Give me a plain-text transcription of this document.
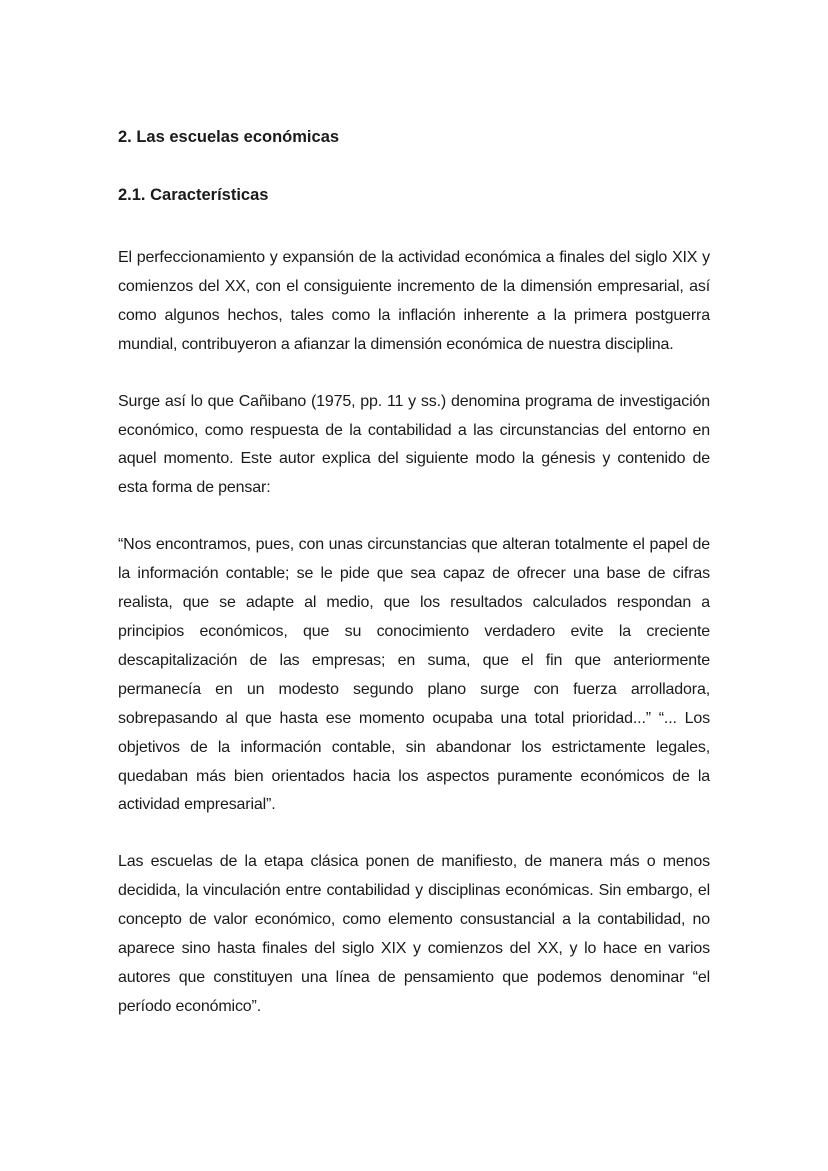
2. Las escuelas económicas
2.1. Características

El perfeccionamiento y expansión de la actividad económica a finales del siglo XIX y comienzos del XX, con el consiguiente incremento de la dimensión empresarial, así como algunos hechos, tales como la inflación inherente a la primera postguerra mundial, contribuyeron a afianzar la dimensión económica de nuestra disciplina.

Surge así lo que Cañibano (1975, pp. 11 y ss.) denomina programa de investigación económico, como respuesta de la contabilidad a las circunstancias del entorno en aquel momento. Este autor explica del siguiente modo la génesis y contenido de esta forma de pensar:

“Nos encontramos, pues, con unas circunstancias que alteran totalmente el papel de la información contable; se le pide que sea capaz de ofrecer una base de cifras realista, que se adapte al medio, que los resultados calculados respondan a principios económicos, que su conocimiento verdadero evite la creciente descapitalización de las empresas; en suma, que el fin que anteriormente permanecía en un modesto segundo plano surge con fuerza arrolladora, sobrepasando al que hasta ese momento ocupaba una total prioridad...” “... Los objetivos de la información contable, sin abandonar los estrictamente legales, quedaban más bien orientados hacia los aspectos puramente económicos de la actividad empresarial”.

Las escuelas de la etapa clásica ponen de manifiesto, de manera más o menos decidida, la vinculación entre contabilidad y disciplinas económicas. Sin embargo, el concepto de valor económico, como elemento consustancial a la contabilidad, no aparece sino hasta finales del siglo XIX y comienzos del XX, y lo hace en varios autores que constituyen una línea de pensamiento que podemos denominar “el período económico”.
